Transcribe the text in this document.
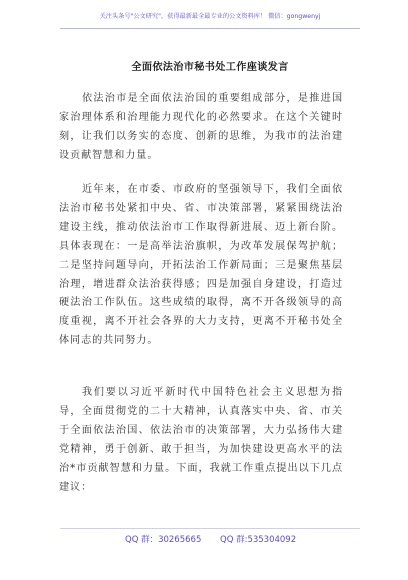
关注头条号"公文研究"，获得最新最全最专业的公文资料库！ 微信：gongwenyj
全面依法治市秘书处工作座谈发言
依法治市是全面依法治国的重要组成部分，是推进国家治理体系和治理能力现代化的必然要求。在这个关键时刻，让我们以务实的态度、创新的思维，为我市的法治建设贡献智慧和力量。
近年来，在市委、市政府的坚强领导下，我们全面依法治市秘书处紧扣中央、省、市决策部署，紧紧围绕法治建设主线，推动依法治市工作取得新进展、迈上新台阶。具体表现在：一是高举法治旗帜，为改革发展保驾护航；二是坚持问题导向，开拓法治工作新局面；三是聚焦基层治理，增进群众法治获得感；四是加强自身建设，打造过硬法治工作队伍。这些成绩的取得，离不开各级领导的高度重视，离不开社会各界的大力支持，更离不开秘书处全体同志的共同努力。
我们要以习近平新时代中国特色社会主义思想为指导，全面贯彻党的二十大精神，认真落实中央、省、市关于全面依法治国、依法治市的决策部署，大力弘扬伟大建党精神，勇于创新、敢于担当，为加快建设更高水平的法治*市贡献智慧和力量。下面，我就工作重点提出以下几点建议：
QQ 群：30265665 QQ 群:535304092
